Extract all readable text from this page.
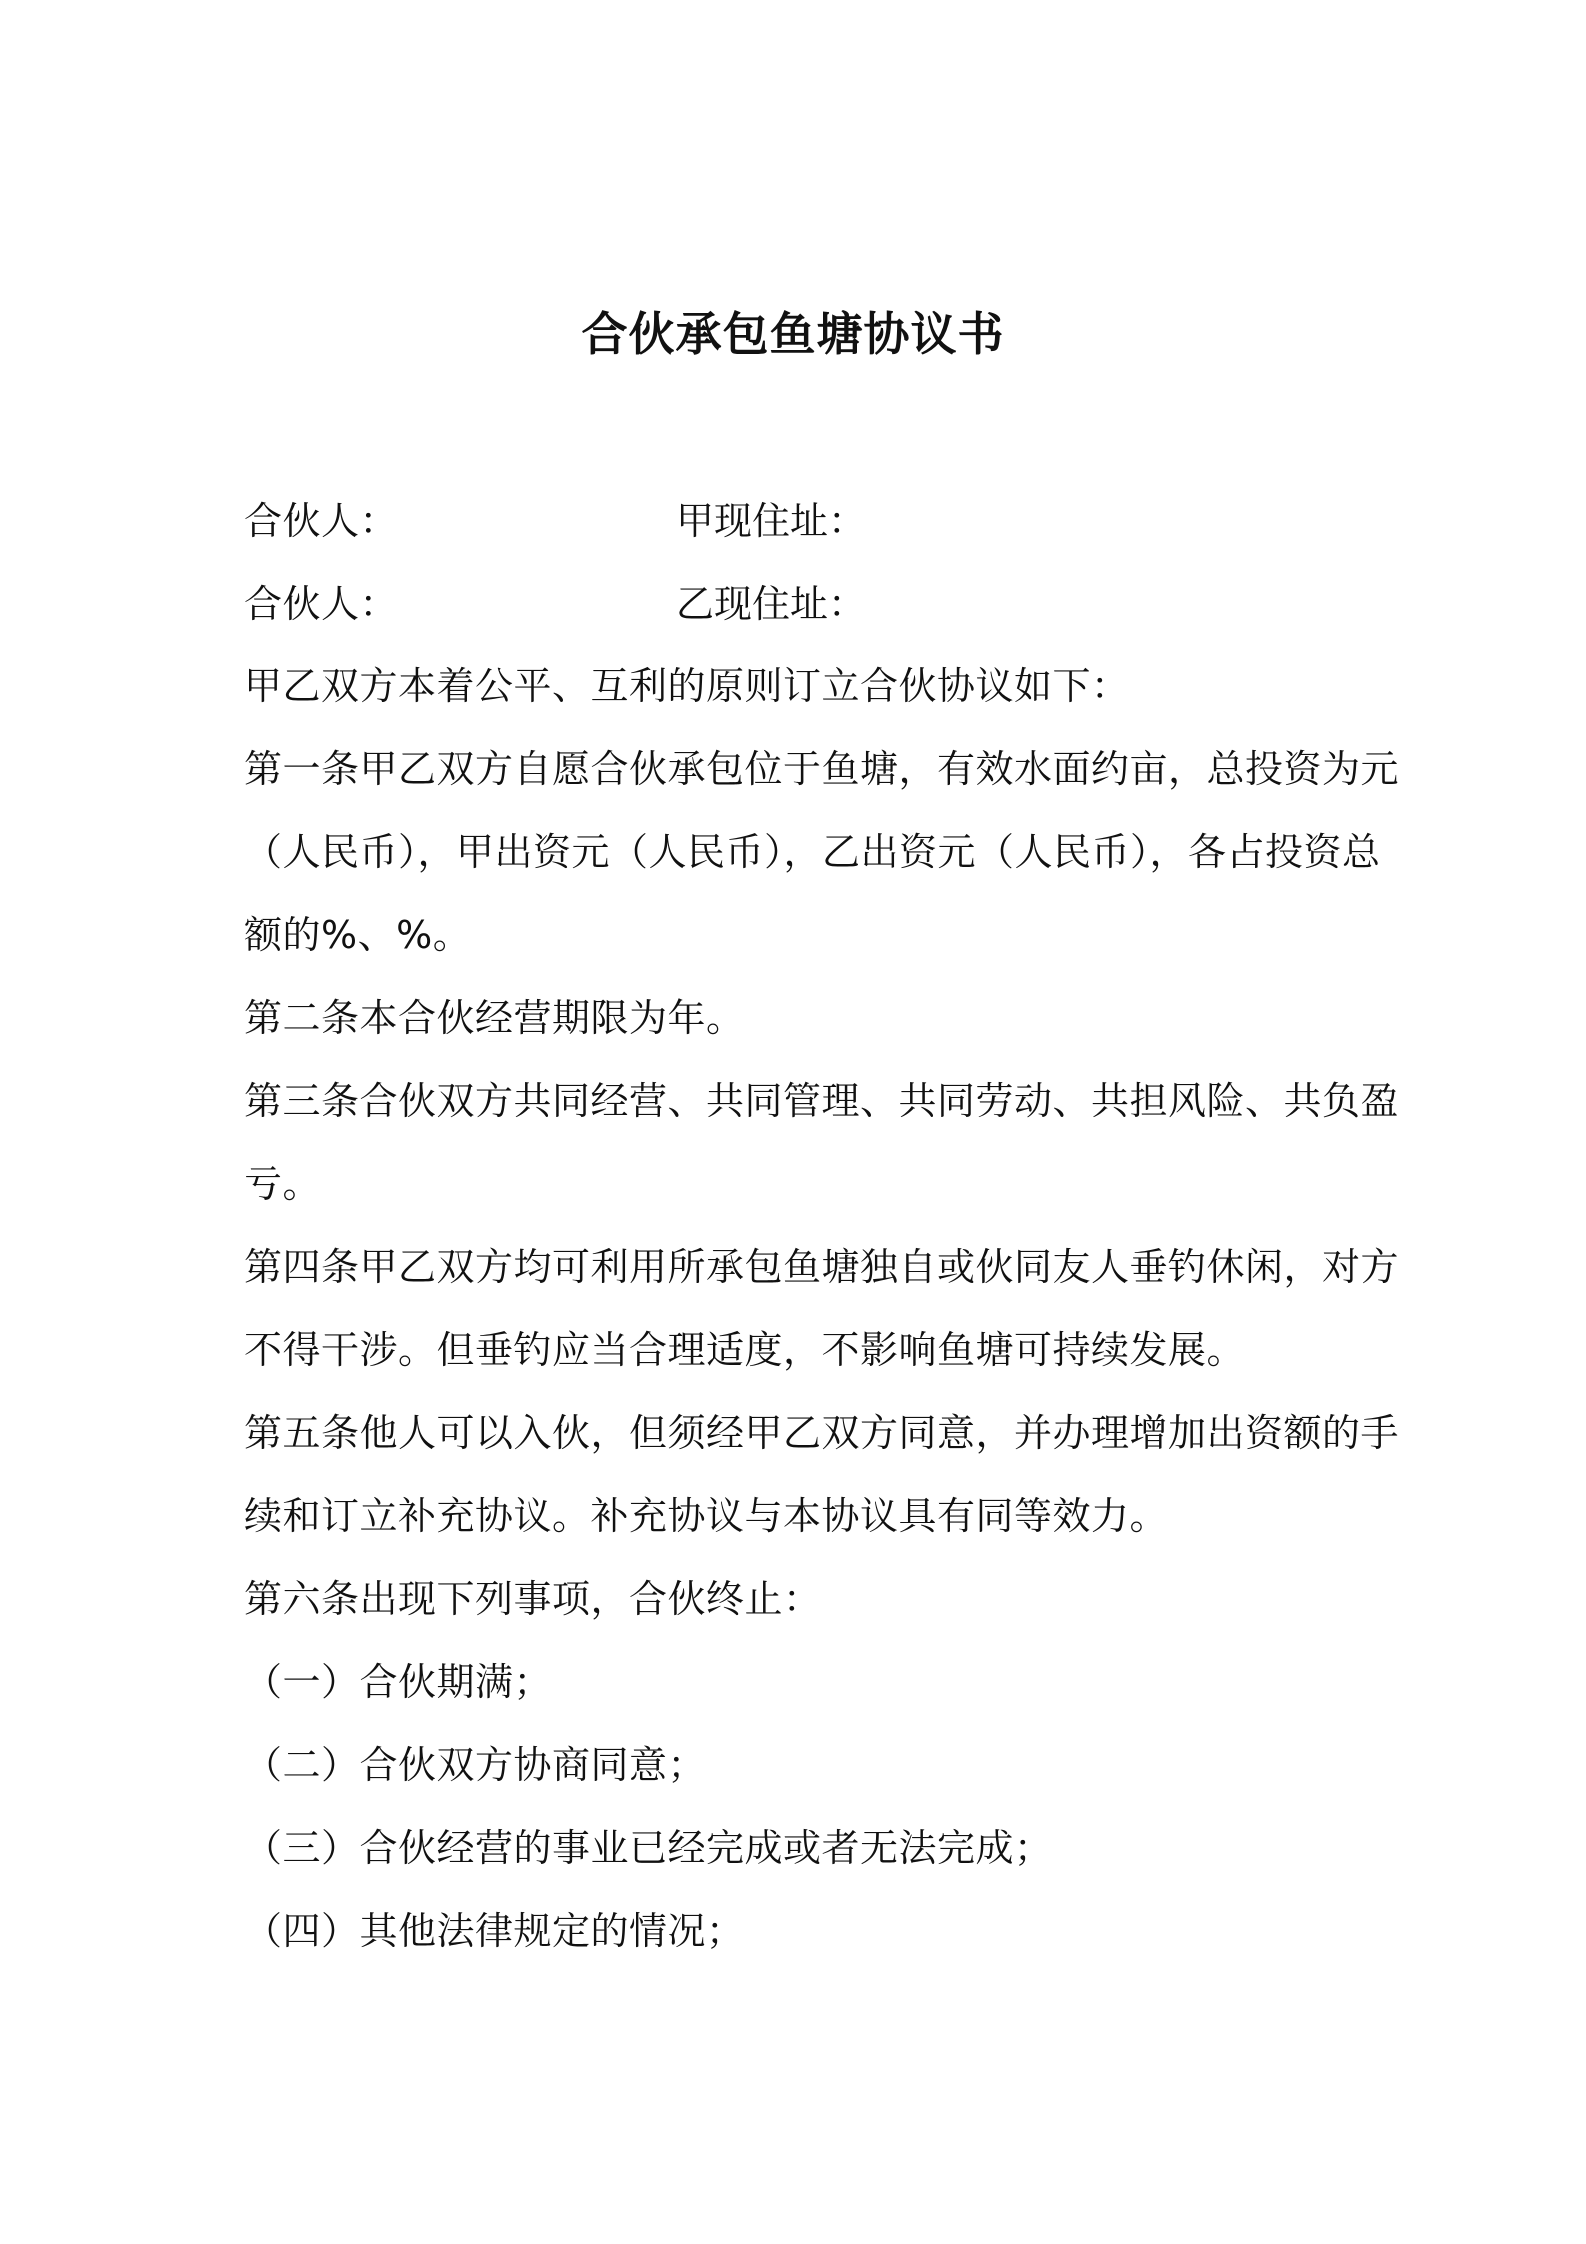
合伙承包鱼塘协议书
合伙人：	甲现住址：
合伙人：	乙现住址：
甲乙双方本着公平、互利的原则订立合伙协议如下：
第一条甲乙双方自愿合伙承包位于鱼塘，有效水面约亩，总投资为元
（人民币），甲出资元（人民币），乙出资元（人民币），各占投资总
额的%、%。
第二条本合伙经营期限为年。
第三条合伙双方共同经营、共同管理、共同劳动、共担风险、共负盈
亏。
第四条甲乙双方均可利用所承包鱼塘独自或伙同友人垂钓休闲，对方
不得干涉。但垂钓应当合理适度，不影响鱼塘可持续发展。
第五条他人可以入伙，但须经甲乙双方同意，并办理增加出资额的手
续和订立补充协议。补充协议与本协议具有同等效力。
第六条出现下列事项，合伙终止：
（一）合伙期满；
（二）合伙双方协商同意；
（三）合伙经营的事业已经完成或者无法完成；
（四）其他法律规定的情况；
